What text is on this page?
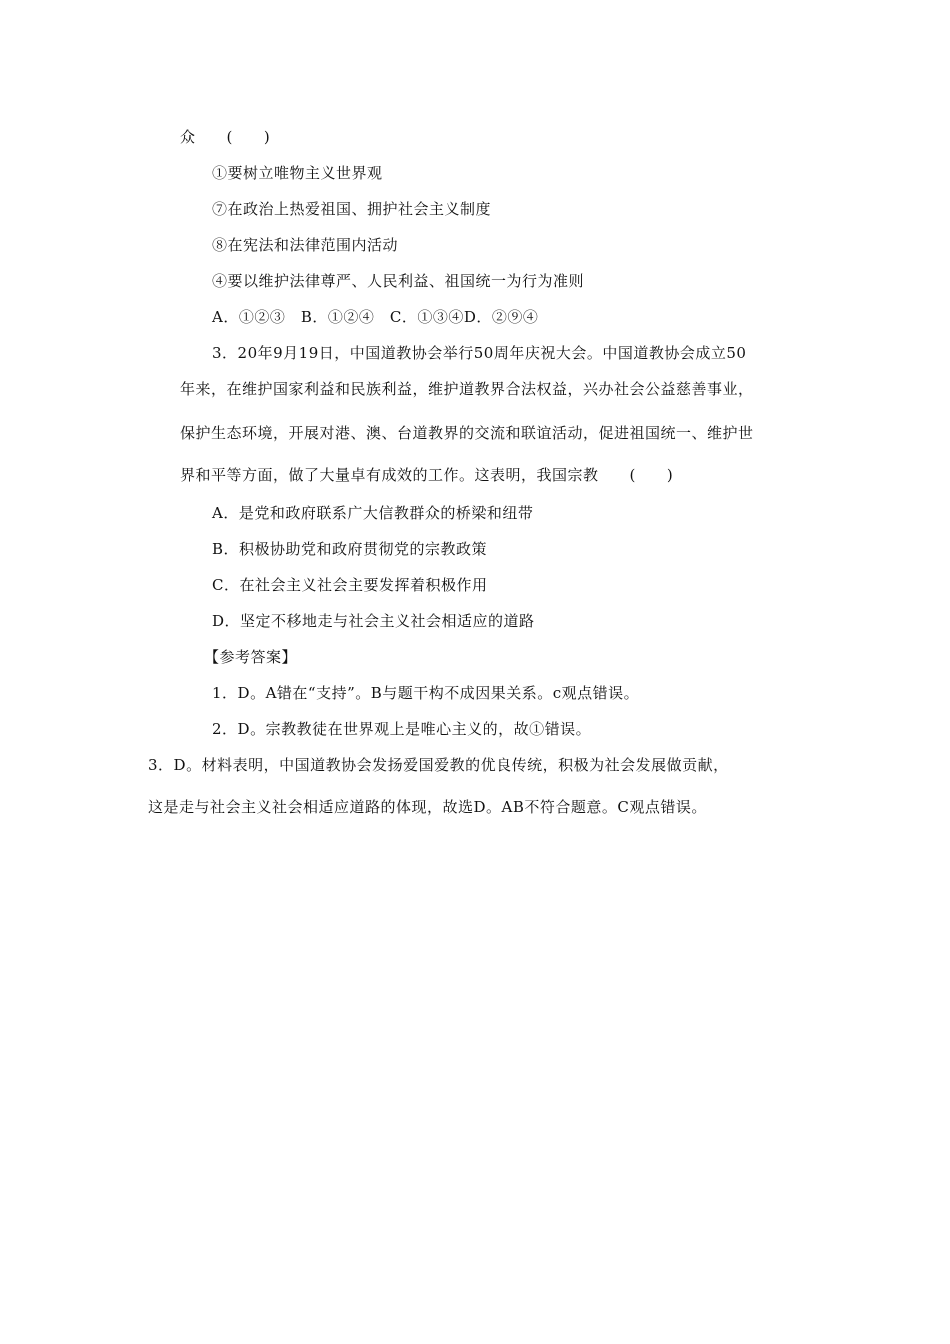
众　　(　　)
①要树立唯物主义世界观
⑦在政治上热爱祖国、拥护社会主义制度
⑧在宪法和法律范围内活动
④要以维护法律尊严、人民利益、祖国统一为行为准则
A．①②③　B．①②④　C．①③④D．②⑨④
3．20年9月19日，中国道教协会举行50周年庆祝大会。中国道教协会成立50
年来，在维护国家利益和民族利益，维护道教界合法权益，兴办社会公益慈善事业，
保护生态环境，开展对港、澳、台道教界的交流和联谊活动，促进祖国统一、维护世
界和平等方面，做了大量卓有成效的工作。这表明，我国宗教　　(　　)
A．是党和政府联系广大信教群众的桥梁和纽带
B．积极协助党和政府贯彻党的宗教政策
C．在社会主义社会主要发挥着积极作用
D．坚定不移地走与社会主义社会相适应的道路
【参考答案】
1．D。A错在“支持”。B与题干构不成因果关系。c观点错误。
2．D。宗教教徒在世界观上是唯心主义的，故①错误。
3．D。材料表明，中国道教协会发扬爱国爱教的优良传统，积极为社会发展做贡献，
这是走与社会主义社会相适应道路的体现，故选D。AB不符合题意。C观点错误。
